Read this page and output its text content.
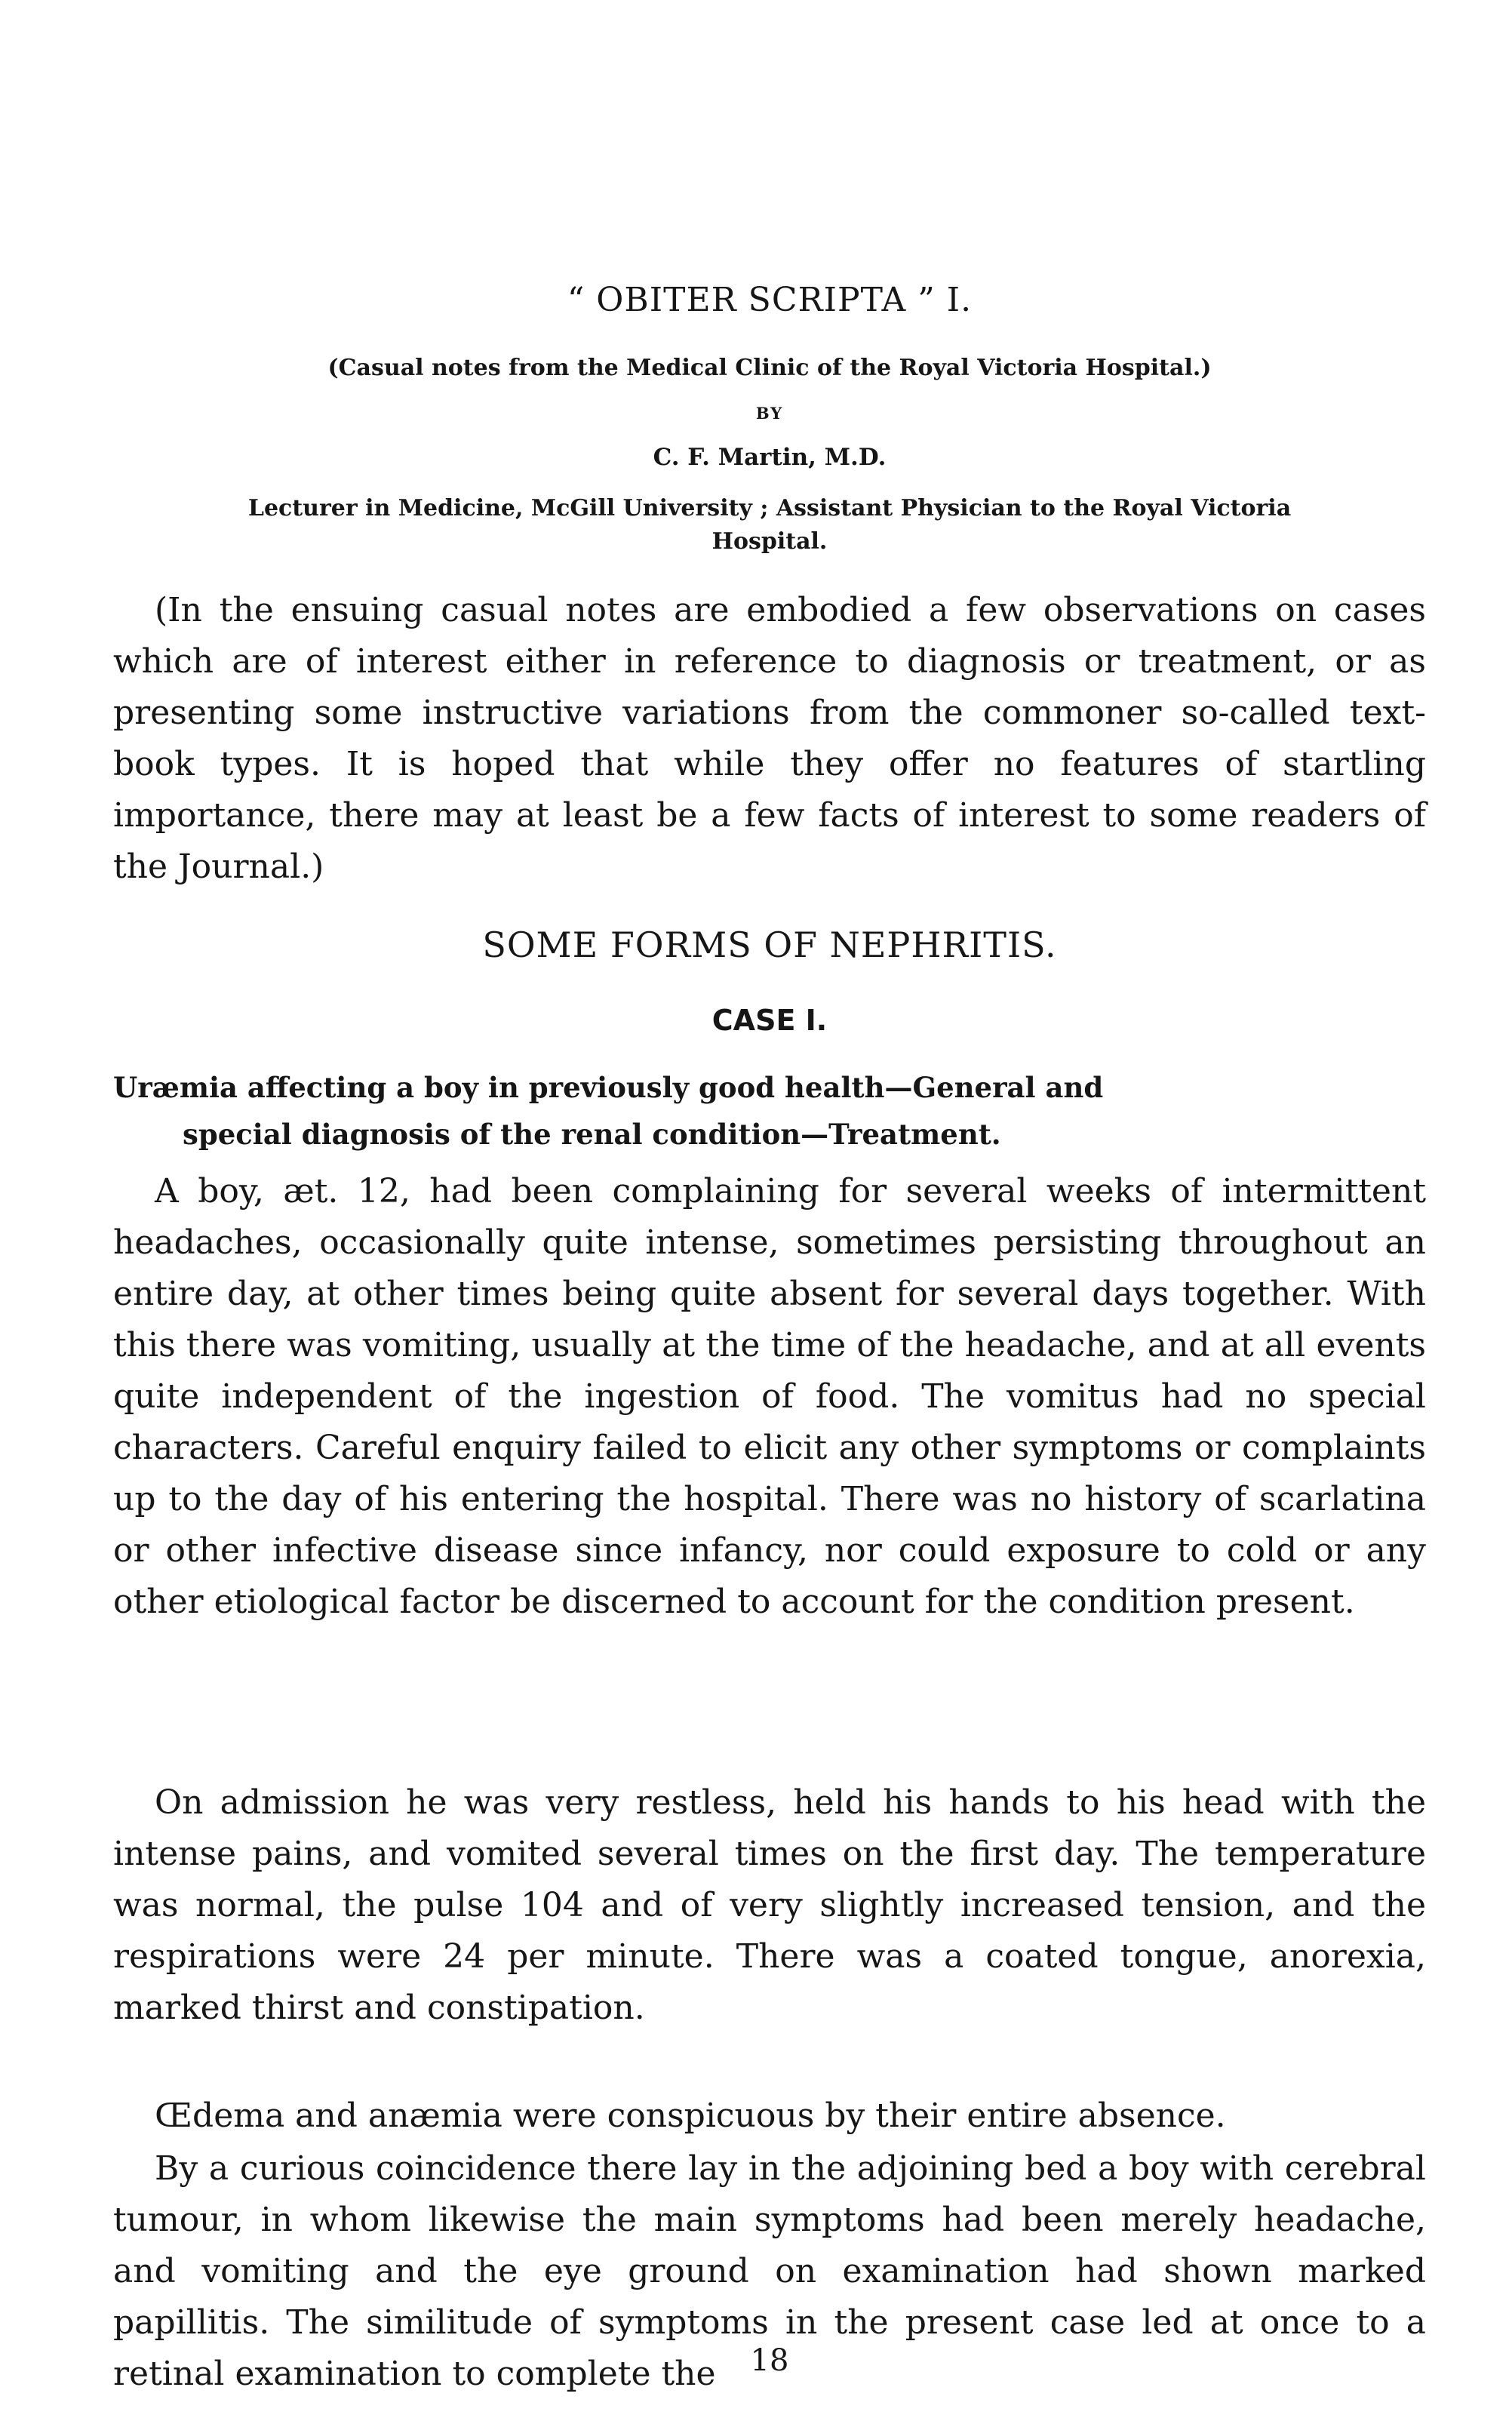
“ OBITER SCRIPTA ” I.
(Casual notes from the Medical Clinic of the Royal Victoria Hospital.)
BY
C. F. Martin, M.D.
Lecturer in Medicine, McGill University ; Assistant Physician to the Royal Victoria
Hospital.

(In the ensuing casual notes are embodied a few observations on cases which are of interest either in reference to diagnosis or treatment, or as presenting some instructive variations from the commoner so-called text-book types. It is hoped that while they offer no features of startling importance, there may at least be a few facts of interest to some readers of the Journal.)

SOME FORMS OF NEPHRITIS.
CASE I.
Uræmia affecting a boy in previously good health—General and
special diagnosis of the renal condition—Treatment.

A boy, æt. 12, had been complaining for several weeks of intermittent headaches, occasionally quite intense, sometimes persisting throughout an entire day, at other times being quite absent for several days together. With this there was vomiting, usually at the time of the headache, and at all events quite independent of the ingestion of food. The vomitus had no special characters. Careful enquiry failed to elicit any other symptoms or complaints up to the day of his entering the hospital. There was no history of scarlatina or other infective disease since infancy, nor could exposure to cold or any other etiological factor be discerned to account for the condition present.

On admission he was very restless, held his hands to his head with the intense pains, and vomited several times on the first day. The temperature was normal, the pulse 104 and of very slightly increased tension, and the respirations were 24 per minute. There was a coated tongue, anorexia, marked thirst and constipation.

Œdema and anæmia were conspicuous by their entire absence.

By a curious coincidence there lay in the adjoining bed a boy with cerebral tumour, in whom likewise the main symptoms had been merely headache, and vomiting and the eye ground on examination had shown marked papillitis. The similitude of symptoms in the present case led at once to a retinal examination to complete the	18
